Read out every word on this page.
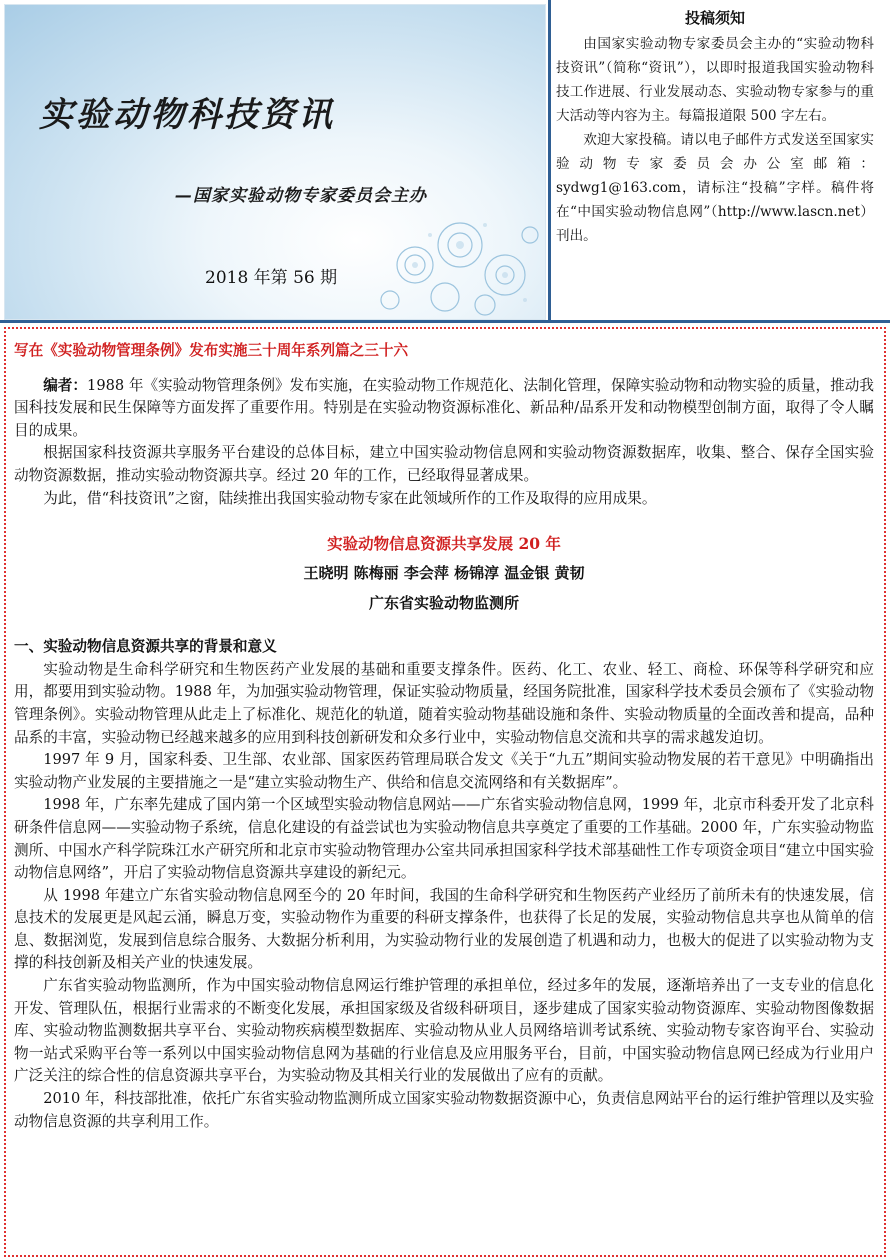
实验动物科技资讯
—国家实验动物专家委员会主办
2018 年第 56 期
投稿须知

由国家实验动物专家委员会主办的“实验动物科技资讯”（简称“资讯”），以即时报道我国实验动物科技工作进展、行业发展动态、实验动物专家参与的重大活动等内容为主。每篇报道限 500 字左右。

欢迎大家投稿。请以电子邮件方式发送至国家实验动物专家委员会办公室邮箱：sydwg1@163.com，请标注“投稿”字样。稿件将在“中国实验动物信息网”（http://www.lascn.net）刊出。

写在《实验动物管理条例》发布实施三十周年系列篇之三十六

编者：1988 年《实验动物管理条例》发布实施，在实验动物工作规范化、法制化管理，保障实验动物和动物实验的质量，推动我国科技发展和民生保障等方面发挥了重要作用。特别是在实验动物资源标准化、新品种/品系开发和动物模型创制方面，取得了令人瞩目的成果。

根据国家科技资源共享服务平台建设的总体目标，建立中国实验动物信息网和实验动物资源数据库，收集、整合、保存全国实验动物资源数据，推动实验动物资源共享。经过 20 年的工作，已经取得显著成果。

为此，借“科技资讯”之窗，陆续推出我国实验动物专家在此领域所作的工作及取得的应用成果。

实验动物信息资源共享发展 20 年

王晓明 陈梅丽 李会萍 杨锦淳 温金银 黄韧

广东省实验动物监测所

一、实验动物信息资源共享的背景和意义

实验动物是生命科学研究和生物医药产业发展的基础和重要支撑条件。医药、化工、农业、轻工、商检、环保等科学研究和应用，都要用到实验动物。1988 年，为加强实验动物管理，保证实验动物质量，经国务院批准，国家科学技术委员会颁布了《实验动物管理条例》。实验动物管理从此走上了标准化、规范化的轨道，随着实验动物基础设施和条件、实验动物质量的全面改善和提高，品种品系的丰富，实验动物已经越来越多的应用到科技创新研发和众多行业中，实验动物信息交流和共享的需求越发迫切。

1997 年 9 月，国家科委、卫生部、农业部、国家医药管理局联合发文《关于“九五”期间实验动物发展的若干意见》中明确指出实验动物产业发展的主要措施之一是“建立实验动物生产、供给和信息交流网络和有关数据库”。

1998 年，广东率先建成了国内第一个区域型实验动物信息网站——广东省实验动物信息网，1999 年，北京市科委开发了北京科研条件信息网——实验动物子系统，信息化建设的有益尝试也为实验动物信息共享奠定了重要的工作基础。2000 年，广东实验动物监测所、中国水产科学院珠江水产研究所和北京市实验动物管理办公室共同承担国家科学技术部基础性工作专项资金项目“建立中国实验动物信息网络”，开启了实验动物信息资源共享建设的新纪元。

从 1998 年建立广东省实验动物信息网至今的 20 年时间，我国的生命科学研究和生物医药产业经历了前所未有的快速发展，信息技术的发展更是风起云涌，瞬息万变，实验动物作为重要的科研支撑条件，也获得了长足的发展，实验动物信息共享也从简单的信息、数据浏览，发展到信息综合服务、大数据分析利用，为实验动物行业的发展创造了机遇和动力，也极大的促进了以实验动物为支撑的科技创新及相关产业的快速发展。

广东省实验动物监测所，作为中国实验动物信息网运行维护管理的承担单位，经过多年的发展，逐渐培养出了一支专业的信息化开发、管理队伍，根据行业需求的不断变化发展，承担国家级及省级科研项目，逐步建成了国家实验动物资源库、实验动物图像数据库、实验动物监测数据共享平台、实验动物疾病模型数据库、实验动物从业人员网络培训考试系统、实验动物专家咨询平台、实验动物一站式采购平台等一系列以中国实验动物信息网为基础的行业信息及应用服务平台，目前，中国实验动物信息网已经成为行业用户广泛关注的综合性的信息资源共享平台，为实验动物及其相关行业的发展做出了应有的贡献。

2010 年，科技部批准，依托广东省实验动物监测所成立国家实验动物数据资源中心，负责信息网站平台的运行维护管理以及实验动物信息资源的共享利用工作。
